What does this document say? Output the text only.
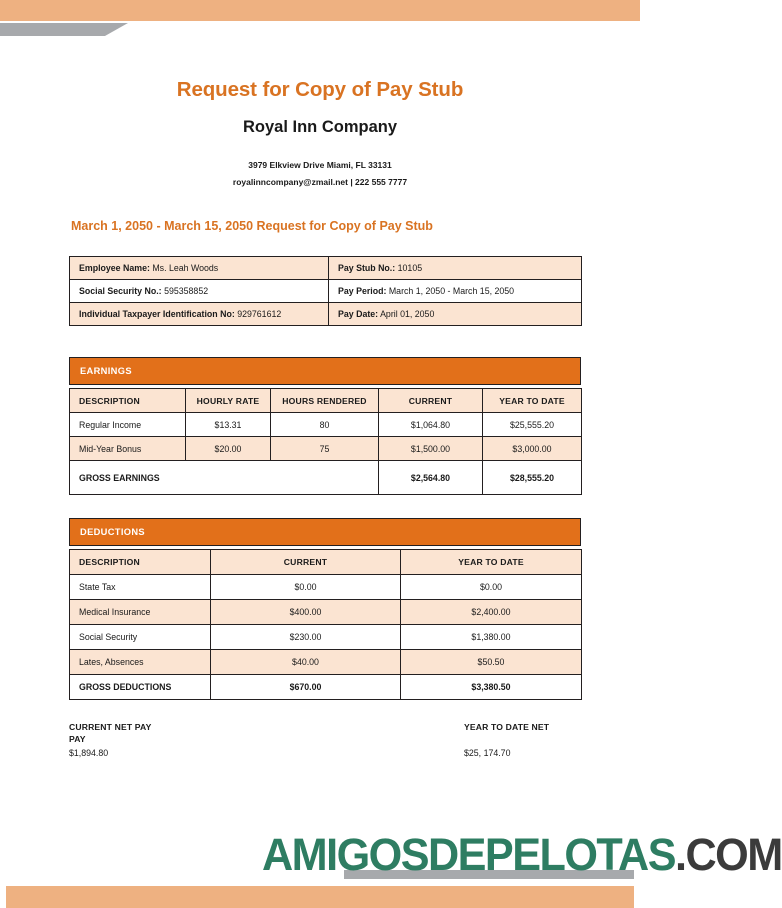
Request for Copy of Pay Stub
Royal Inn Company

3979 Elkview Drive Miami, FL 33131

royalinncompany@zmail.net | 222 555 7777

March 1, 2050 - March 15, 2050 Request for Copy of Pay Stub
Employee Name: Ms. Leah Woods	Pay Stub No.: 10105
Social Security No.: 595358852	Pay Period: March 1, 2050 - March 15, 2050
Individual Taxpayer Identification No: 929761612	Pay Date: April 01, 2050
EARNINGS
DESCRIPTION	HOURLY RATE	HOURS RENDERED	CURRENT	YEAR TO DATE
Regular Income	$13.31	80	$1,064.80	$25,555.20
Mid-Year Bonus	$20.00	75	$1,500.00	$3,000.00
GROSS EARNINGS			$2,564.80	$28,555.20
DEDUCTIONS
DESCRIPTION	CURRENT	YEAR TO DATE
State Tax	$0.00	$0.00
Medical Insurance	$400.00	$2,400.00
Social Security	$230.00	$1,380.00
Lates, Absences	$40.00	$50.50
GROSS DEDUCTIONS	$670.00	$3,380.50
CURRENT NET PAY
PAY
$1,894.80
YEAR TO DATE NET
$25, 174.70
AMIGOSDEPELOTAS.COM
